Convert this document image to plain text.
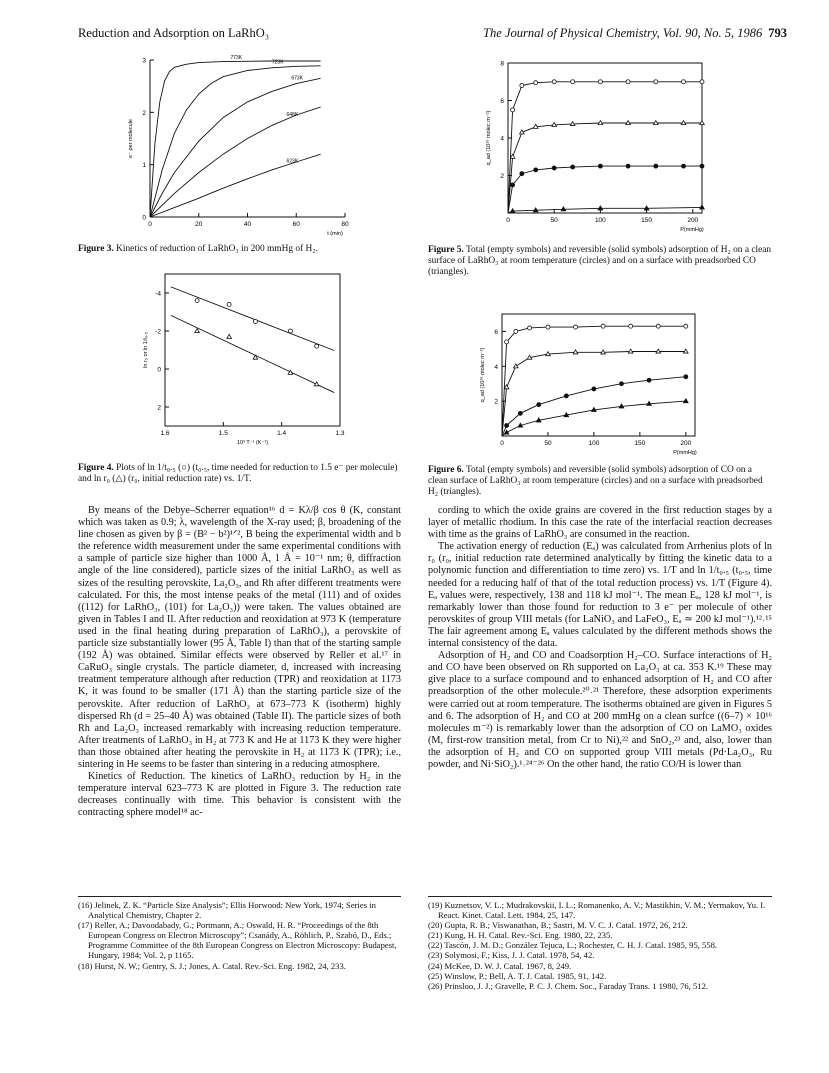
Reduction and Adsorption on LaRhO₃	The Journal of Physical Chemistry, Vol. 90, No. 5, 1986 793
0	20	40	60	80
0
1
2
3
t (min)
e⁻ per molecule
773K
723K
673K
648K
623K
Figure 3. Kinetics of reduction of LaRhO₃ in 200 mmHg of H₂.
1.6	1.5	1.4	1.3
-4
-2
0
2
10³ T⁻¹ (K⁻¹)
ln r₀ or ln 1/t₀.₅
Figure 4. Plots of ln 1/t₀.₅ (○) (t₀.₅, time needed for reduction to 1.5 e⁻ per molecule) and ln r₀ (△) (r₀, initial reduction rate) vs. 1/T.
0	50	100	150	200
2
4
6
8
P(mmHg)
q_ad (10¹⁶ molec m⁻²)
Figure 5. Total (empty symbols) and reversible (solid symbols) adsorption of H₂ on a clean surface of LaRhO₃ at room temperature (circles) and on a surface with preadsorbed CO (triangles).
0	50	100	150	200
2
4
6
P(mmHg)
q_ad (10¹⁶ molec m⁻²)
Figure 6. Total (empty symbols) and reversible (solid symbols) adsorption of CO on a clean surface of LaRhO₃ at room temperature (circles) and on a surface with preadsorbed H₂ (triangles).

By means of the Debye–Scherrer equation¹⁶ d = Kλ/β cos θ (K, constant which was taken as 0.9; λ, wavelength of the X-ray used; β, broadening of the line chosen as given by β = (B² − b²)¹ᐟ², B being the experimental width and b the reference width measurement under the same experimental conditions with a sample of particle size higher than 1000 Å, 1 Å = 10⁻¹ nm; θ, diffraction angle of the line considered), particle sizes of the initial LaRhO₃ as well as sizes of the resulting perovskite, La₂O₃, and Rh after different treatments were calculated. For this, the most intense peaks of the metal (111) and of oxides ((112) for LaRhO₃, (101) for La₂O₃)) were taken. The values obtained are given in Tables I and II. After reduction and reoxidation at 973 K (temperature used in the final heating during preparation of LaRhO₃), a perovskite of particle size substantially lower (95 Å, Table I) than that of the starting sample (192 Å) was obtained. Similar effects were observed by Reller et al.¹⁷ in CaRuO₃ single crystals. The particle diameter, d, increased with increasing treatment temperature although after reduction (TPR) and reoxidation at 1173 K, it was found to be smaller (171 Å) than the starting particle size of the perovskite. After reduction of LaRhO₃ at 673–773 K (isotherm) highly dispersed Rh (d = 25–40 Å) was obtained (Table II). The particle sizes of both Rh and La₂O₃ increased remarkably with increasing reduction temperature. After treatments of LaRhO₃ in H₂ at 773 K and He at 1173 K they were higher than those obtained after heating the perovskite in H₂ at 1173 K (TPR); i.e., sintering in He seems to be faster than sintering in a reducing atmosphere.

Kinetics of Reduction. The kinetics of LaRhO₃ reduction by H₂ in the temperature interval 623–773 K are plotted in Figure 3. The reduction rate decreases continually with time. This behavior is consistent with the contracting sphere model¹⁸ ac-

cording to which the oxide grains are covered in the first reduction stages by a layer of metallic rhodium. In this case the rate of the interfacial reaction decreases with time as the grains of LaRhO₃ are consumed in the reaction.

The activation energy of reduction (Eₐ) was calculated from Arrhenius plots of ln r₀ (r₀, initial reduction rate determined analytically by fitting the kinetic data to a polynomic function and differentiation to time zero) vs. 1/T and ln 1/t₀.₅ (t₀.₅, time needed for a reducing half of that of the total reduction process) vs. 1/T (Figure 4). Eₐ values were, respectively, 138 and 118 kJ mol⁻¹. The mean Eₐ, 128 kJ mol⁻¹, is remarkably lower than those found for reduction to 3 e⁻ per molecule of other perovskites of group VIII metals (for LaNiO₃ and LaFeO₃, Eₐ ≃ 200 kJ mol⁻¹).¹²˒¹⁵ The fair agreement among Eₐ values calculated by the different methods shows the internal consistency of the data.

Adsorption of H₂ and CO and Coadsorption H₂–CO. Surface interactions of H₂ and CO have been observed on Rh supported on La₂O₃ at ca. 353 K.¹⁹ These may give place to a surface compound and to enhanced adsorption of H₂ and CO after preadsorption of the other molecule.²⁰˒²¹ Therefore, these adsorption experiments were carried out at room temperature. The isotherms obtained are given in Figures 5 and 6. The adsorption of H₂ and CO at 200 mmHg on a clean surfce ((6–7) × 10¹⁶ molecules m⁻²) is remarkably lower than the adsorption of CO on LaMO₃ oxides (M, first-row transition metal, from Cr to Ni),²² and SnO₂,²³ and, also, lower than the adsorption of H₂ and CO on supported group VIII metals (Pd·La₂O₃, Ru powder, and Ni·SiO₂).¹˒²⁴⁻²⁶ On the other hand, the ratio CO/H is lower than

(16) Jelinek, Z. K. “Particle Size Analysis”; Ellis Horwood: New York, 1974; Series in Analytical Chemistry, Chapter 2.
(17) Reller, A.; Davoodabady, G.; Portmann, A.; Oswald, H. R. “Proceedings of the 8th European Congress on Electron Microscopy”; Csanády, A., Röhlich, P., Szabó, D., Eds.; Programme Committee of the 8th European Congress on Electron Microscopy: Budapest, Hungary, 1984; Vol. 2, p 1165.
(18) Hurst, N. W.; Gentry, S. J.; Jones, A. Catal. Rev.-Sci. Eng. 1982, 24, 233.
(19) Kuznetsov, V. L.; Mudrakovskii, I. L.; Romanenko, A. V.; Mastikhin, V. M.; Yermakov, Yu. I. React. Kinet. Catal. Lett. 1984, 25, 147.
(20) Gupta, R. B.; Viswanathan, B.; Sastri, M. V. C. J. Catal. 1972, 26, 212.
(21) Kung, H. H. Catal. Rev.-Sci. Eng. 1980, 22, 235.
(22) Tascón, J. M. D.; González Tejuca, L.; Rochester, C. H. J. Catal. 1985, 95, 558.
(23) Solymosi, F.; Kiss, J. J. Catal. 1978, 54, 42.
(24) McKee, D. W. J. Catal. 1967, 8, 249.
(25) Winslow, P.; Bell, A. T. J. Catal. 1985, 91, 142.
(26) Prinsloo, J. J.; Gravelle, P. C. J. Chem. Soc., Faraday Trans. 1 1980, 76, 512.
